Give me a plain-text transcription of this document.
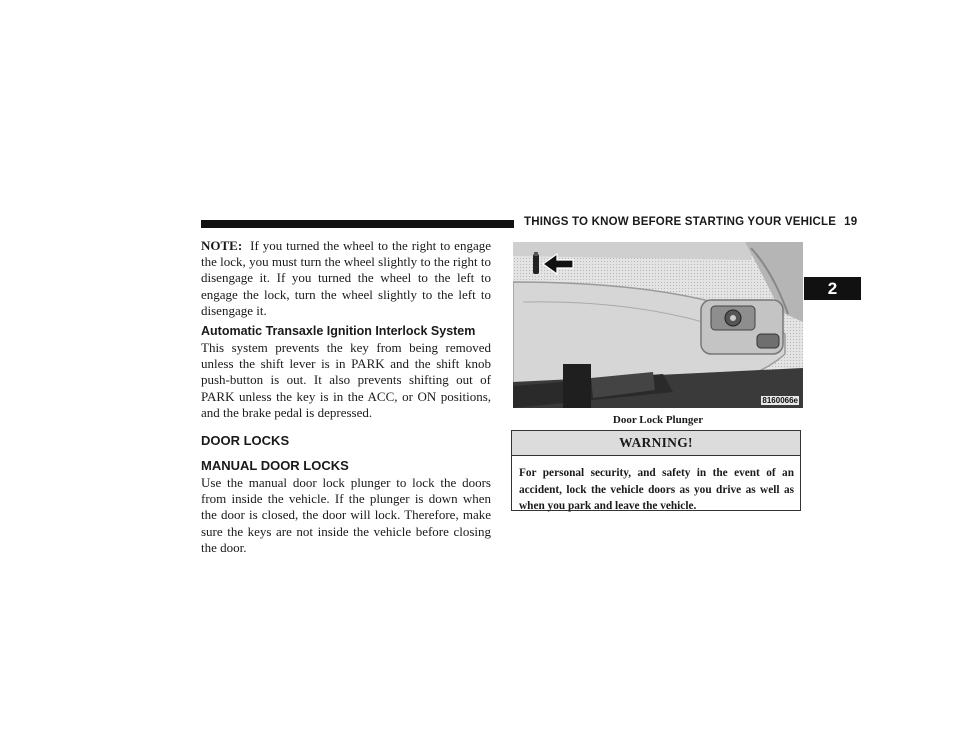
THINGS TO KNOW BEFORE STARTING YOUR VEHICLE 19
2

NOTE: If you turned the wheel to the right to engage the lock, you must turn the wheel slightly to the right to disengage it. If you turned the wheel to the left to engage the lock, turn the wheel slightly to the left to disengage it.

Automatic Transaxle Ignition Interlock System

This system prevents the key from being removed unless the shift lever is in PARK and the shift knob push-button is out. It also prevents shifting out of PARK unless the key is in the ACC, or ON positions, and the brake pedal is depressed.

DOOR LOCKS
MANUAL DOOR LOCKS

Use the manual door lock plunger to lock the doors from inside the vehicle. If the plunger is down when the door is closed, the door will lock. Therefore, make sure the keys are not inside the vehicle before closing the door.

8160066e
Door Lock Plunger
WARNING!
For personal security, and safety in the event of an accident, lock the vehicle doors as you drive as well as when you park and leave the vehicle.
